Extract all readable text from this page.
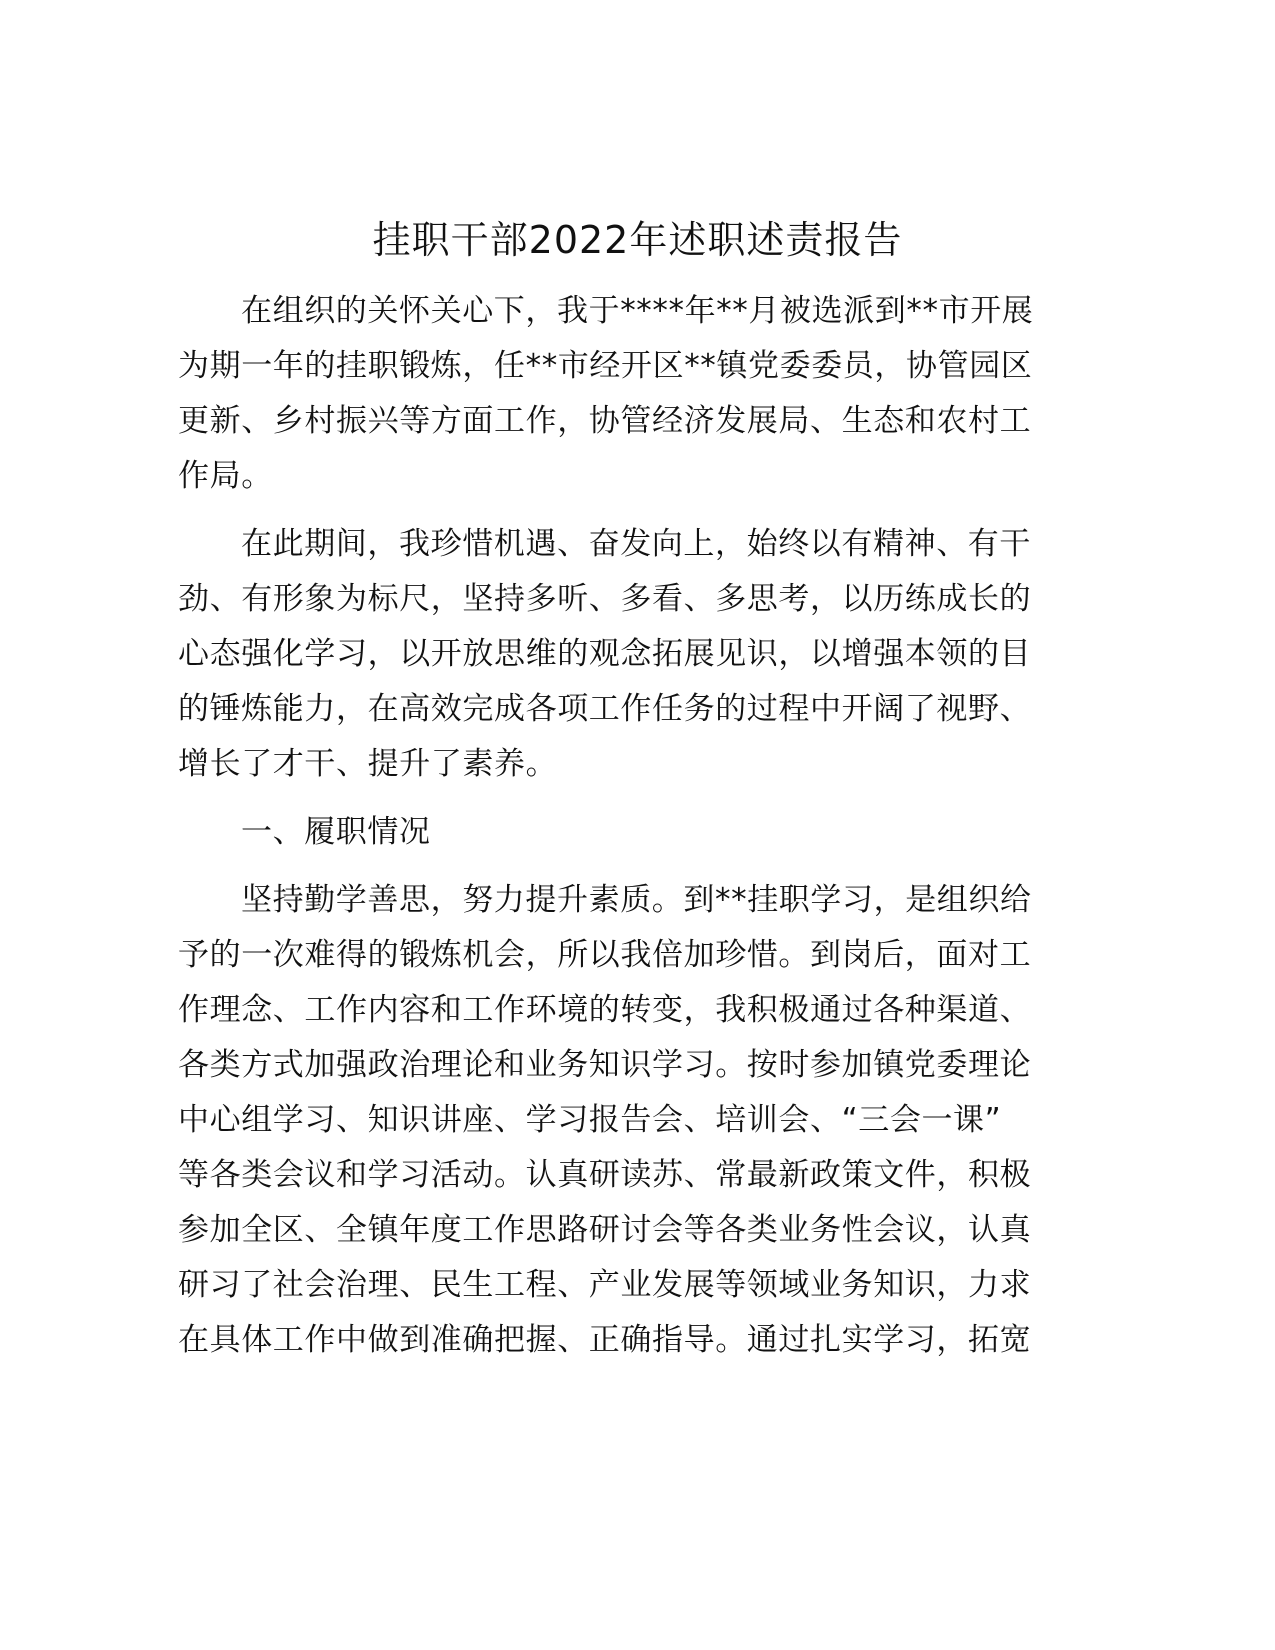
挂职干部2022年述职述责报告
在组织的关怀关心下，我于****年**月被选派到**市开展
为期一年的挂职锻炼，任**市经开区**镇党委委员，协管园区
更新、乡村振兴等方面工作，协管经济发展局、生态和农村工
作局。
在此期间，我珍惜机遇、奋发向上，始终以有精神、有干
劲、有形象为标尺，坚持多听、多看、多思考，以历练成长的
心态强化学习，以开放思维的观念拓展见识，以增强本领的目
的锤炼能力，在高效完成各项工作任务的过程中开阔了视野、
增长了才干、提升了素养。
一、履职情况
坚持勤学善思，努力提升素质。到**挂职学习，是组织给
予的一次难得的锻炼机会，所以我倍加珍惜。到岗后，面对工
作理念、工作内容和工作环境的转变，我积极通过各种渠道、
各类方式加强政治理论和业务知识学习。按时参加镇党委理论
中心组学习、知识讲座、学习报告会、培训会、“三会一课”
等各类会议和学习活动。认真研读苏、常最新政策文件，积极
参加全区、全镇年度工作思路研讨会等各类业务性会议，认真
研习了社会治理、民生工程、产业发展等领域业务知识，力求
在具体工作中做到准确把握、正确指导。通过扎实学习，拓宽
